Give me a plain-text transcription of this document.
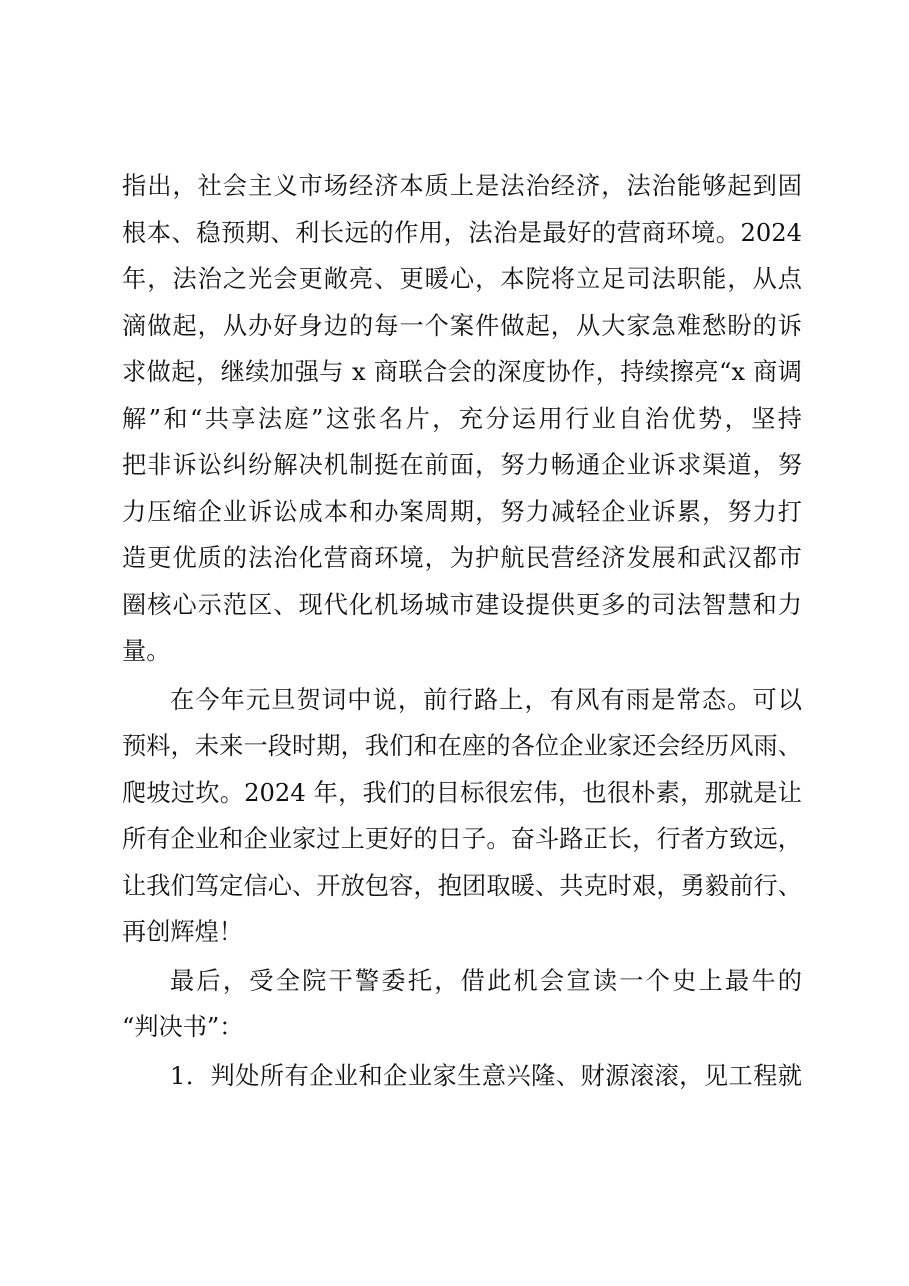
指出，社会主义市场经济本质上是法治经济，法治能够起到固
根本、稳预期、利长远的作用，法治是最好的营商环境。2024
年，法治之光会更敞亮、更暖心，本院将立足司法职能，从点
滴做起，从办好身边的每一个案件做起，从大家急难愁盼的诉
求做起，继续加强与 x 商联合会的深度协作，持续擦亮“x 商调
解”和“共享法庭”这张名片，充分运用行业自治优势，坚持
把非诉讼纠纷解决机制挺在前面，努力畅通企业诉求渠道，努
力压缩企业诉讼成本和办案周期，努力减轻企业诉累，努力打
造更优质的法治化营商环境，为护航民营经济发展和武汉都市
圈核心示范区、现代化机场城市建设提供更多的司法智慧和力
量。
在今年元旦贺词中说，前行路上，有风有雨是常态。可以
预料，未来一段时期，我们和在座的各位企业家还会经历风雨、
爬坡过坎。2024 年，我们的目标很宏伟，也很朴素，那就是让
所有企业和企业家过上更好的日子。奋斗路正长，行者方致远，
让我们笃定信心、开放包容，抱团取暖、共克时艰，勇毅前行、
再创辉煌！
最后，受全院干警委托，借此机会宣读一个史上最牛的
“判决书”：
1．判处所有企业和企业家生意兴隆、财源滚滚，见工程就
